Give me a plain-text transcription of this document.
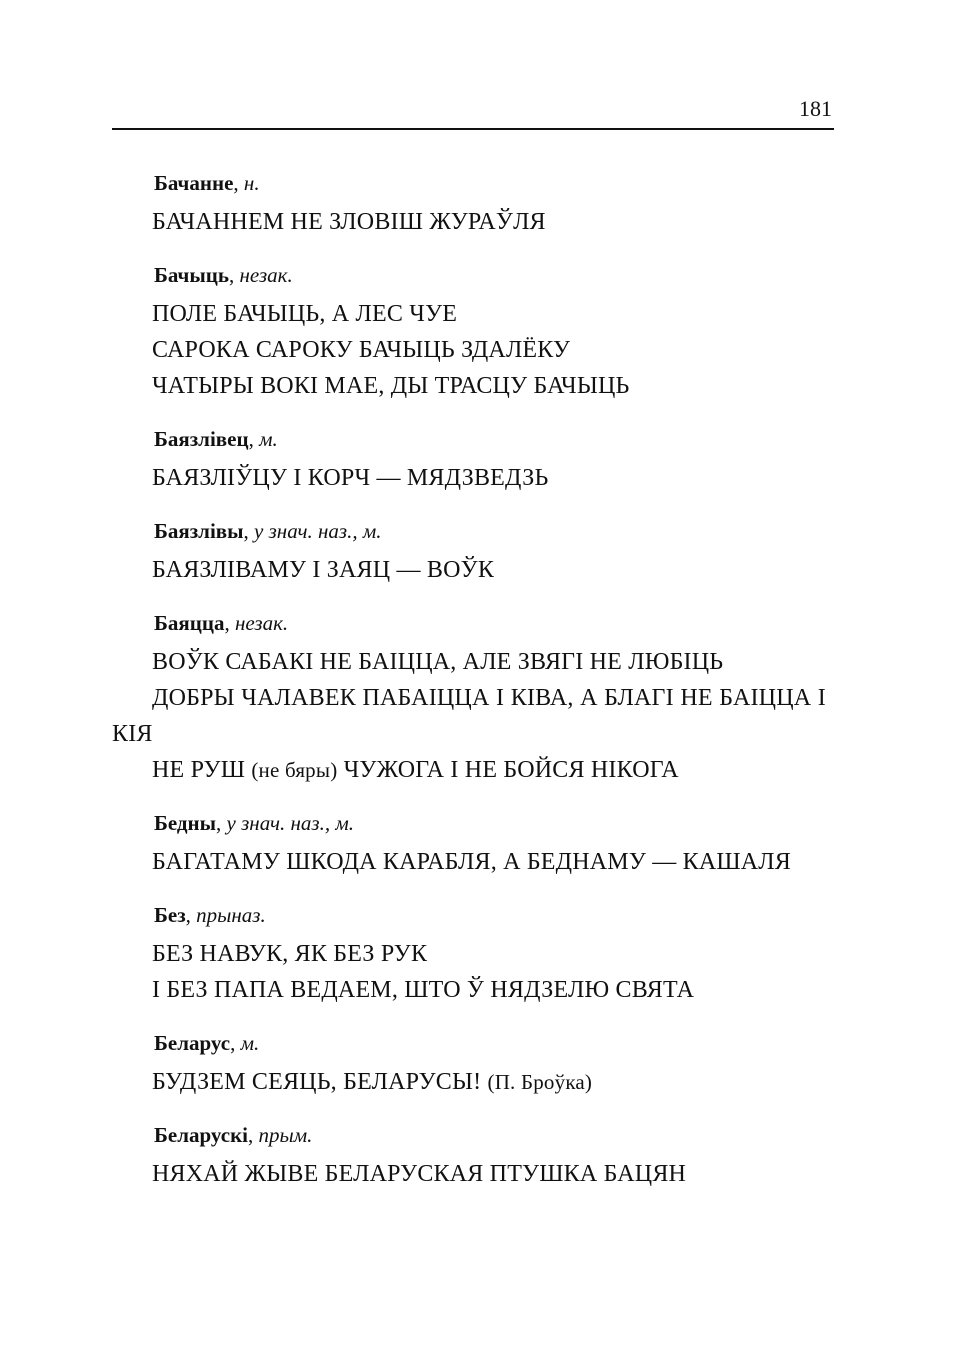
181
Бачанне, н.
БАЧАННЕМ НЕ ЗЛОВІШ ЖУРАЎЛЯ
Бачыць, незак.
ПОЛЕ БАЧЫЦЬ, А ЛЕС ЧУЕ
САРОКА САРОКУ БАЧЫЦЬ ЗДАЛЁКУ
ЧАТЫРЫ ВОКІ МАЕ, ДЫ ТРАСЦУ БАЧЫЦЬ
Баязлівец, м.
БАЯЗЛІЎЦУ І КОРЧ — МЯДЗВЕДЗЬ
Баязлівы, у знач. наз., м.
БАЯЗЛІВАМУ І ЗАЯЦ — ВОЎК
Баяцца, незак.
ВОЎК САБАКІ НЕ БАІЦЦА, АЛЕ ЗВЯГІ НЕ ЛЮБІЦЬ
ДОБРЫ ЧАЛАВЕК ПАБАІЦЦА І КІВА, А БЛАГІ НЕ БАІЦЦА І КІЯ
НЕ РУШ (не бяры) ЧУЖОГА І НЕ БОЙСЯ НІКОГА
Бедны, у знач. наз., м.
БАГАТАМУ ШКОДА КАРАБЛЯ, А БЕДНАМУ — КАШАЛЯ
Без, прыназ.
БЕЗ НАВУК, ЯК БЕЗ РУК
І БЕЗ ПАПА ВЕДАЕМ, ШТО Ў НЯДЗЕЛЮ СВЯТА
Беларус, м.
БУДЗЕМ СЕЯЦЬ, БЕЛАРУСЫ! (П. Броўка)
Беларускі, прым.
НЯХАЙ ЖЫВЕ БЕЛАРУСКАЯ ПТУШКА БАЦЯН
